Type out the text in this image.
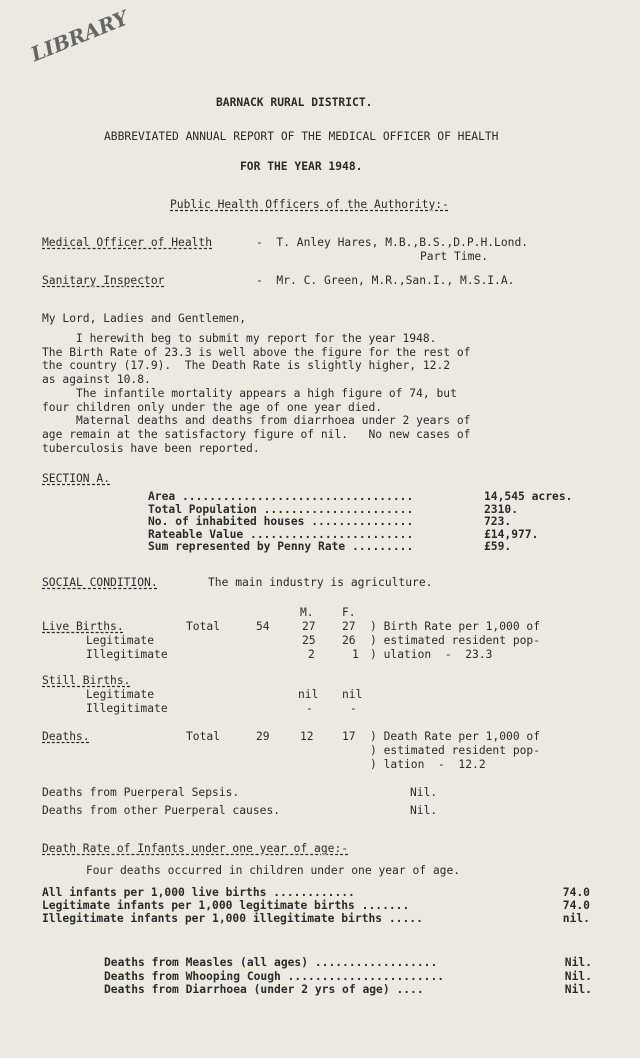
LIBRARY
BARNACK RURAL DISTRICT.
ABBREVIATED ANNUAL REPORT OF THE MEDICAL OFFICER OF HEALTH
FOR THE YEAR 1948.
Public Health Officers of the Authority:-
Medical Officer of Health	-  T. Anley Hares, M.B.,B.S.,D.P.H.Lond.
Part Time.
Sanitary Inspector	-  Mr. C. Green, M.R.,San.I., M.S.I.A.
My Lord, Ladies and Gentlemen,
I herewith beg to submit my report for the year 1948.
The Birth Rate of 23.3 is well above the figure for the rest of
the country (17.9).  The Death Rate is slightly higher, 12.2
as against 10.8.
The infantile mortality appears a high figure of 74, but
four children only under the age of one year died.
Maternal deaths and deaths from diarrhoea under 2 years of
age remain at the satisfactory figure of nil.   No new cases of
tuberculosis have been reported.
SECTION A.
Area ..................................	14,545 acres.
Total Population ......................	2310.
No. of inhabited houses ...............	723.
Rateable Value ........................	£14,977.
Sum represented by Penny Rate .........	£59.
SOCIAL CONDITION.	The main industry is agriculture.
M.	F.
Live Births.	Total	54	27 27
Legitimate	25 26
Illegitimate	2	1
) Birth Rate per 1,000 of
) estimated resident pop-
) ulation  -  23.3
Still Births.
Legitimate	nil nil
Illegitimate	-	-
Deaths.	Total	29	12	17 ) Death Rate per 1,000 of
) estimated resident pop-
) lation  -  12.2
Deaths from Puerperal Sepsis.	Nil.
Deaths from other Puerperal causes.	Nil.
Death Rate of Infants under one year of age:-
Four deaths occurred in children under one year of age.
All infants per 1,000 live births ............	74.0
Legitimate infants per 1,000 legitimate births .......	74.0
Illegitimate infants per 1,000 illegitimate births .....	nil.
Deaths from Measles (all ages) ..................	Nil.
Deaths from Whooping Cough .......................	Nil.
Deaths from Diarrhoea (under 2 yrs of age) ....	Nil.
